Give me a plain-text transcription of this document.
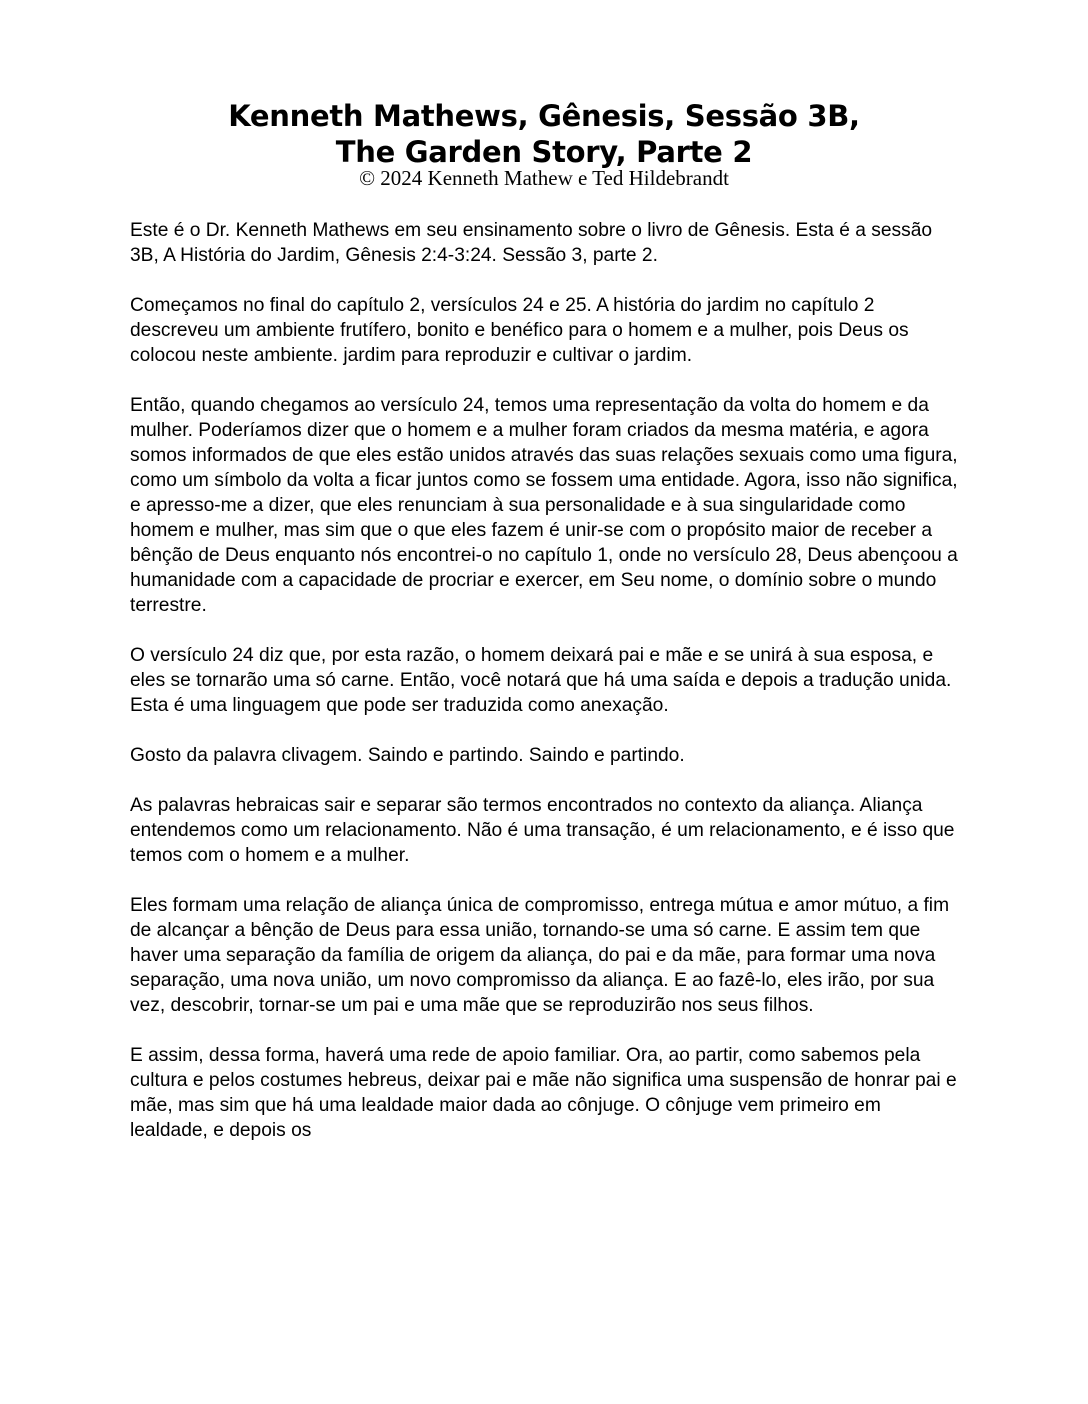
Kenneth Mathews, Gênesis, Sessão 3B,
The Garden Story, Parte 2

© 2024 Kenneth Mathew e Ted Hildebrandt

Este é o Dr. Kenneth Mathews em seu ensinamento sobre o livro de Gênesis. Esta é a sessão 3B, A História do Jardim, Gênesis 2:4-3:24. Sessão 3, parte 2.

Começamos no final do capítulo 2, versículos 24 e 25. A história do jardim no capítulo 2 descreveu um ambiente frutífero, bonito e benéfico para o homem e a mulher, pois Deus os colocou neste ambiente. jardim para reproduzir e cultivar o jardim.

Então, quando chegamos ao versículo 24, temos uma representação da volta do homem e da mulher. Poderíamos dizer que o homem e a mulher foram criados da mesma matéria, e agora somos informados de que eles estão unidos através das suas relações sexuais como uma figura, como um símbolo da volta a ficar juntos como se fossem uma entidade. Agora, isso não significa, e apresso-me a dizer, que eles renunciam à sua personalidade e à sua singularidade como homem e mulher, mas sim que o que eles fazem é unir-se com o propósito maior de receber a bênção de Deus enquanto nós encontrei-o no capítulo 1, onde no versículo 28, Deus abençoou a humanidade com a capacidade de procriar e exercer, em Seu nome, o domínio sobre o mundo terrestre.

O versículo 24 diz que, por esta razão, o homem deixará pai e mãe e se unirá à sua esposa, e eles se tornarão uma só carne. Então, você notará que há uma saída e depois a tradução unida. Esta é uma linguagem que pode ser traduzida como anexação.

Gosto da palavra clivagem. Saindo e partindo. Saindo e partindo.

As palavras hebraicas sair e separar são termos encontrados no contexto da aliança. Aliança entendemos como um relacionamento. Não é uma transação, é um relacionamento, e é isso que temos com o homem e a mulher.

Eles formam uma relação de aliança única de compromisso, entrega mútua e amor mútuo, a fim de alcançar a bênção de Deus para essa união, tornando-se uma só carne. E assim tem que haver uma separação da família de origem da aliança, do pai e da mãe, para formar uma nova separação, uma nova união, um novo compromisso da aliança. E ao fazê-lo, eles irão, por sua vez, descobrir, tornar-se um pai e uma mãe que se reproduzirão nos seus filhos.

E assim, dessa forma, haverá uma rede de apoio familiar. Ora, ao partir, como sabemos pela cultura e pelos costumes hebreus, deixar pai e mãe não significa uma suspensão de honrar pai e mãe, mas sim que há uma lealdade maior dada ao cônjuge. O cônjuge vem primeiro em lealdade, e depois os
